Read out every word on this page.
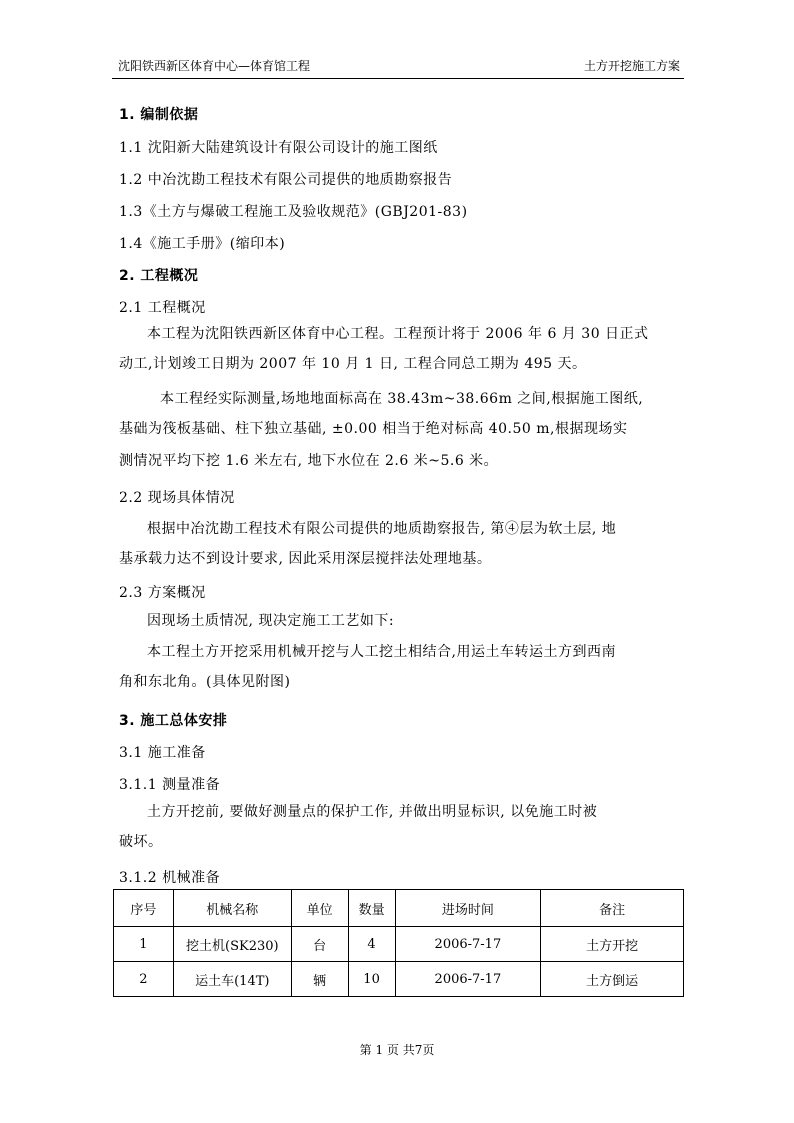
沈阳铁西新区体育中心—体育馆工程	土方开挖施工方案
1. 编制依据
1.1 沈阳新大陆建筑设计有限公司设计的施工图纸
1.2 中冶沈勘工程技术有限公司提供的地质勘察报告
1.3《土方与爆破工程施工及验收规范》(GBJ201-83)
1.4《施工手册》(缩印本)
2. 工程概况
2.1 工程概况
本工程为沈阳铁西新区体育中心工程。工程预计将于 2006 年 6 月 30 日正式
动工,计划竣工日期为 2007 年 10 月 1 日, 工程合同总工期为 495 天。
本工程经实际测量,场地地面标高在 38.43m~38.66m 之间,根据施工图纸,
基础为筏板基础、柱下独立基础, ±0.00 相当于绝对标高 40.50 m,根据现场实
测情况平均下挖 1.6 米左右, 地下水位在 2.6 米~5.6 米。
2.2 现场具体情况
根据中冶沈勘工程技术有限公司提供的地质勘察报告, 第④层为软土层, 地
基承载力达不到设计要求, 因此采用深层搅拌法处理地基。
2.3 方案概况
因现场土质情况, 现决定施工工艺如下:
本工程土方开挖采用机械开挖与人工挖土相结合,用运土车转运土方到西南
角和东北角。(具体见附图)
3. 施工总体安排
3.1 施工准备
3.1.1 测量准备
土方开挖前, 要做好测量点的保护工作, 并做出明显标识, 以免施工时被
破坏。
3.1.2 机械准备
序号	机械名称	单位	数量	进场时间	备注
1	挖土机(SK230)	台	4	2006-7-17	土方开挖
2	运土车(14T)	辆	10	2006-7-17	土方倒运
第 1 页 共7页
